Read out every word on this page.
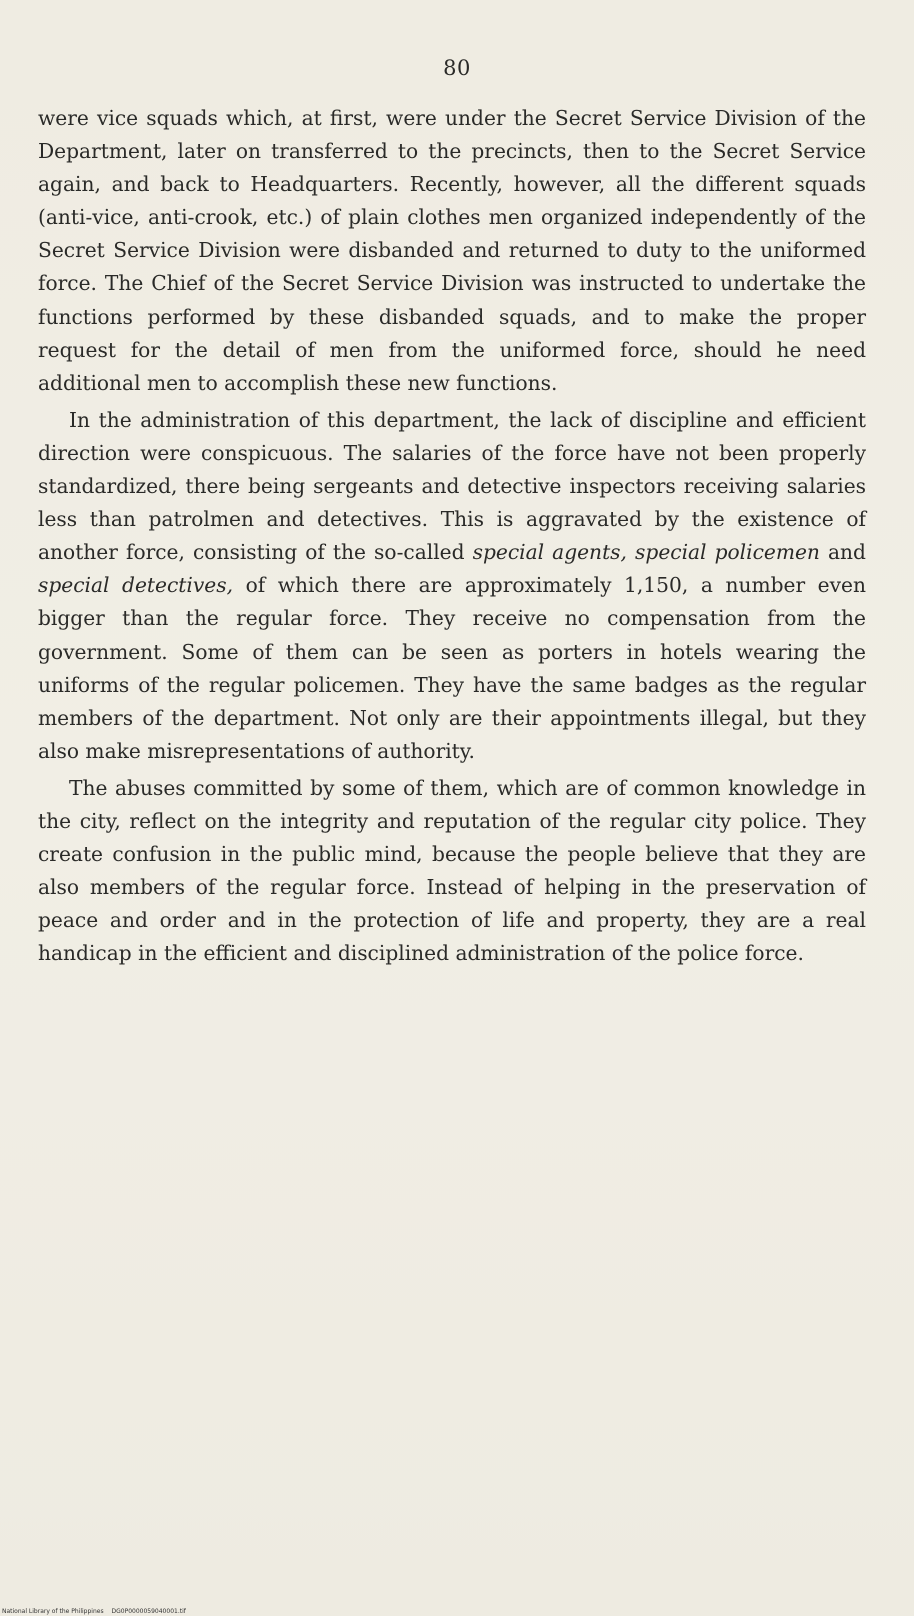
80

were vice squads which, at first, were under the Secret Service Division of the Department, later on transferred to the precincts, then to the Secret Service again, and back to Headquarters. Recently, however, all the different squads (anti-vice, anti-crook, etc.) of plain clothes men organized independently of the Secret Service Division were disbanded and returned to duty to the uniformed force. The Chief of the Secret Service Division was instructed to undertake the functions performed by these disbanded squads, and to make the proper request for the detail of men from the uniformed force, should he need additional men to accomplish these new functions.

In the administration of this department, the lack of discipline and efficient direction were conspicuous. The salaries of the force have not been properly standardized, there being sergeants and detective inspectors receiving salaries less than patrolmen and detectives. This is aggravated by the existence of another force, consisting of the so-called special agents, special policemen and special detectives, of which there are approximately 1,150, a number even bigger than the regular force. They receive no compensation from the government. Some of them can be seen as porters in hotels wearing the uniforms of the regular policemen. They have the same badges as the regular members of the department. Not only are their appointments illegal, but they also make misrepresentations of authority.

The abuses committed by some of them, which are of common knowledge in the city, reflect on the integrity and reputation of the regular city police. They create confusion in the public mind, because the people believe that they are also members of the regular force. Instead of helping in the preservation of peace and order and in the protection of life and property, they are a real handicap in the efficient and disciplined administration of the police force.

National Library of the Philippines DG0P0000059040001.tif
